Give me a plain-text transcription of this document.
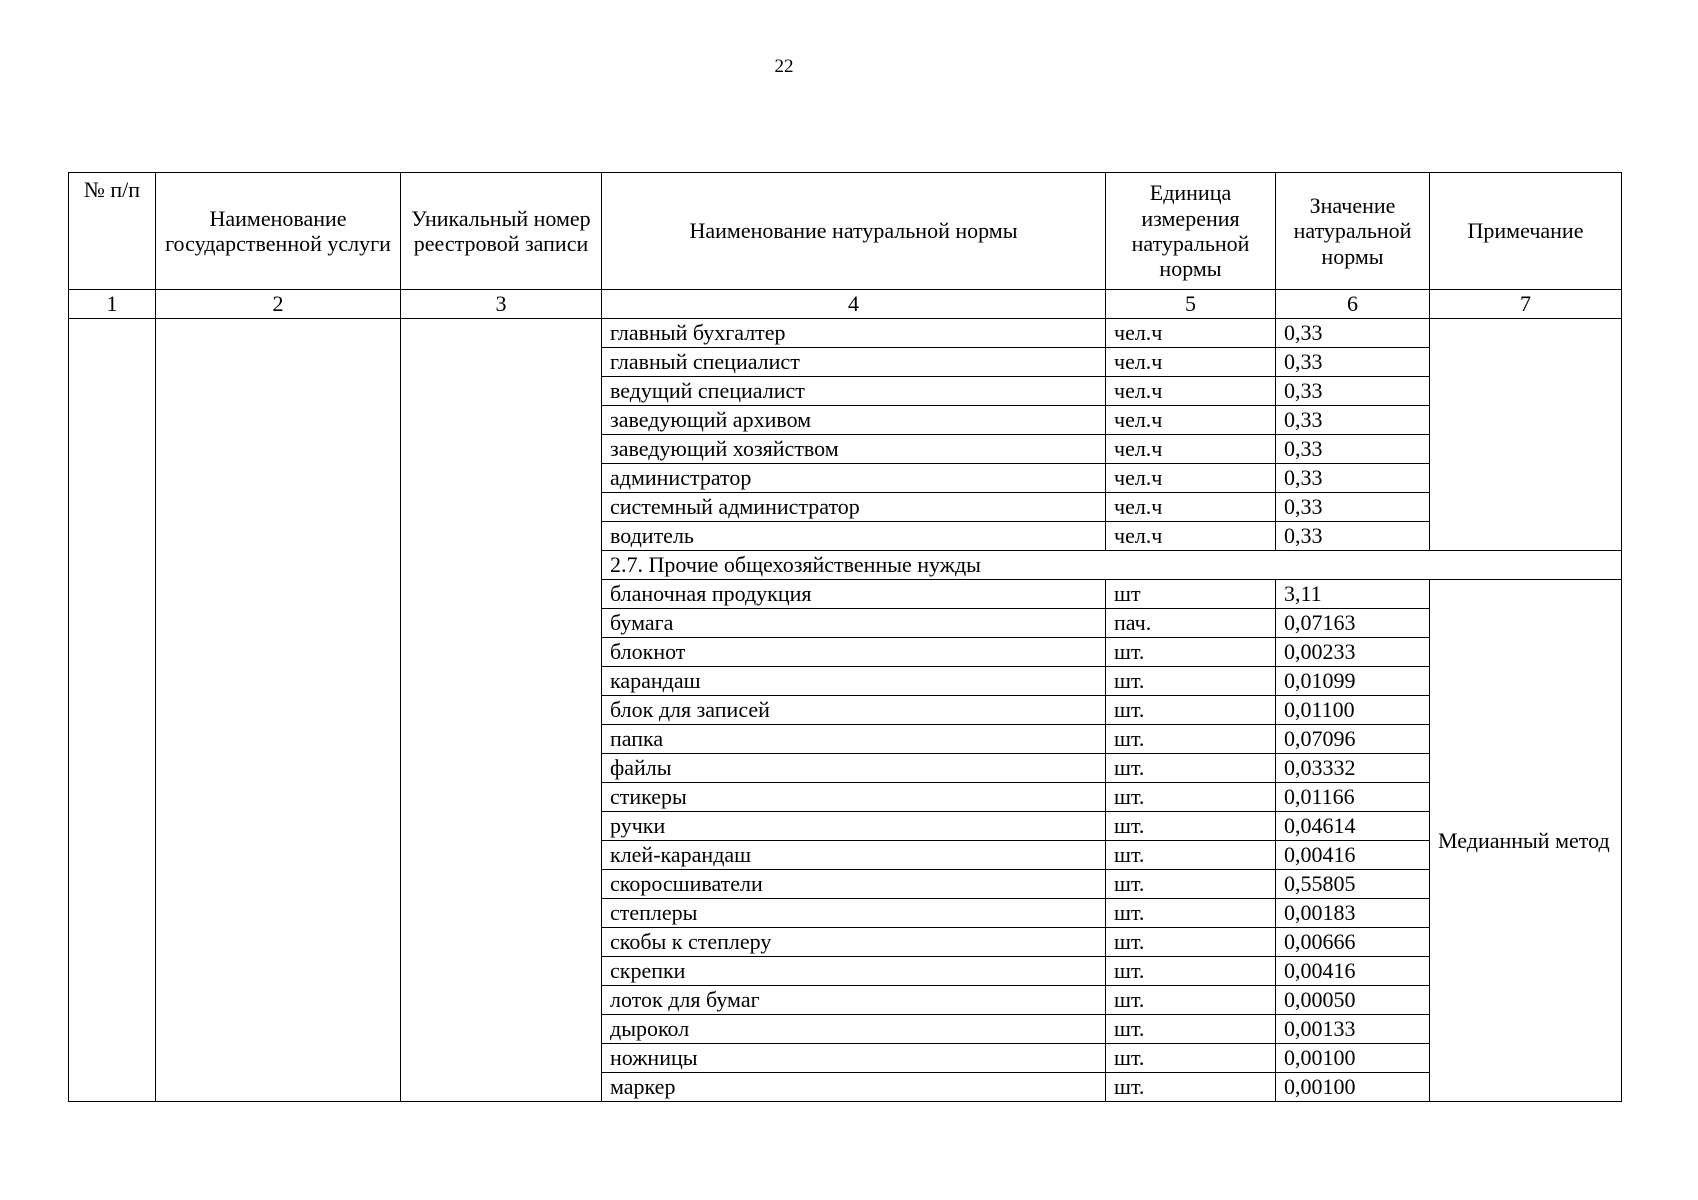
22
№ п/п	Наименование государственной услуги	Уникальный номер реестровой записи	Наименование натуральной нормы	Единица измерения натуральной нормы	Значение натуральной нормы	Примечание
1	2	3	4	5	6	7
			главный бухгалтер	чел.ч	0,33	
			главный специалист	чел.ч	0,33	
			ведущий специалист	чел.ч	0,33	
			заведующий архивом	чел.ч	0,33	
			заведующий хозяйством	чел.ч	0,33	
			администратор	чел.ч	0,33	
			системный администратор	чел.ч	0,33	
			водитель	чел.ч	0,33	
			2.7. Прочие общехозяйственные нужды			
			бланочная продукция	шт	3,11	Медианный метод
			бумага	пач.	0,07163	
			блокнот	шт.	0,00233	
			карандаш	шт.	0,01099	
			блок для записей	шт.	0,01100	
			папка	шт.	0,07096	
			файлы	шт.	0,03332	
			стикеры	шт.	0,01166	
			ручки	шт.	0,04614	
			клей-карандаш	шт.	0,00416	
			скоросшиватели	шт.	0,55805	
			степлеры	шт.	0,00183	
			скобы к степлеру	шт.	0,00666	
			скрепки	шт.	0,00416	
			лоток для бумаг	шт.	0,00050	
			дырокол	шт.	0,00133	
			ножницы	шт.	0,00100	
			маркер	шт.	0,00100	
